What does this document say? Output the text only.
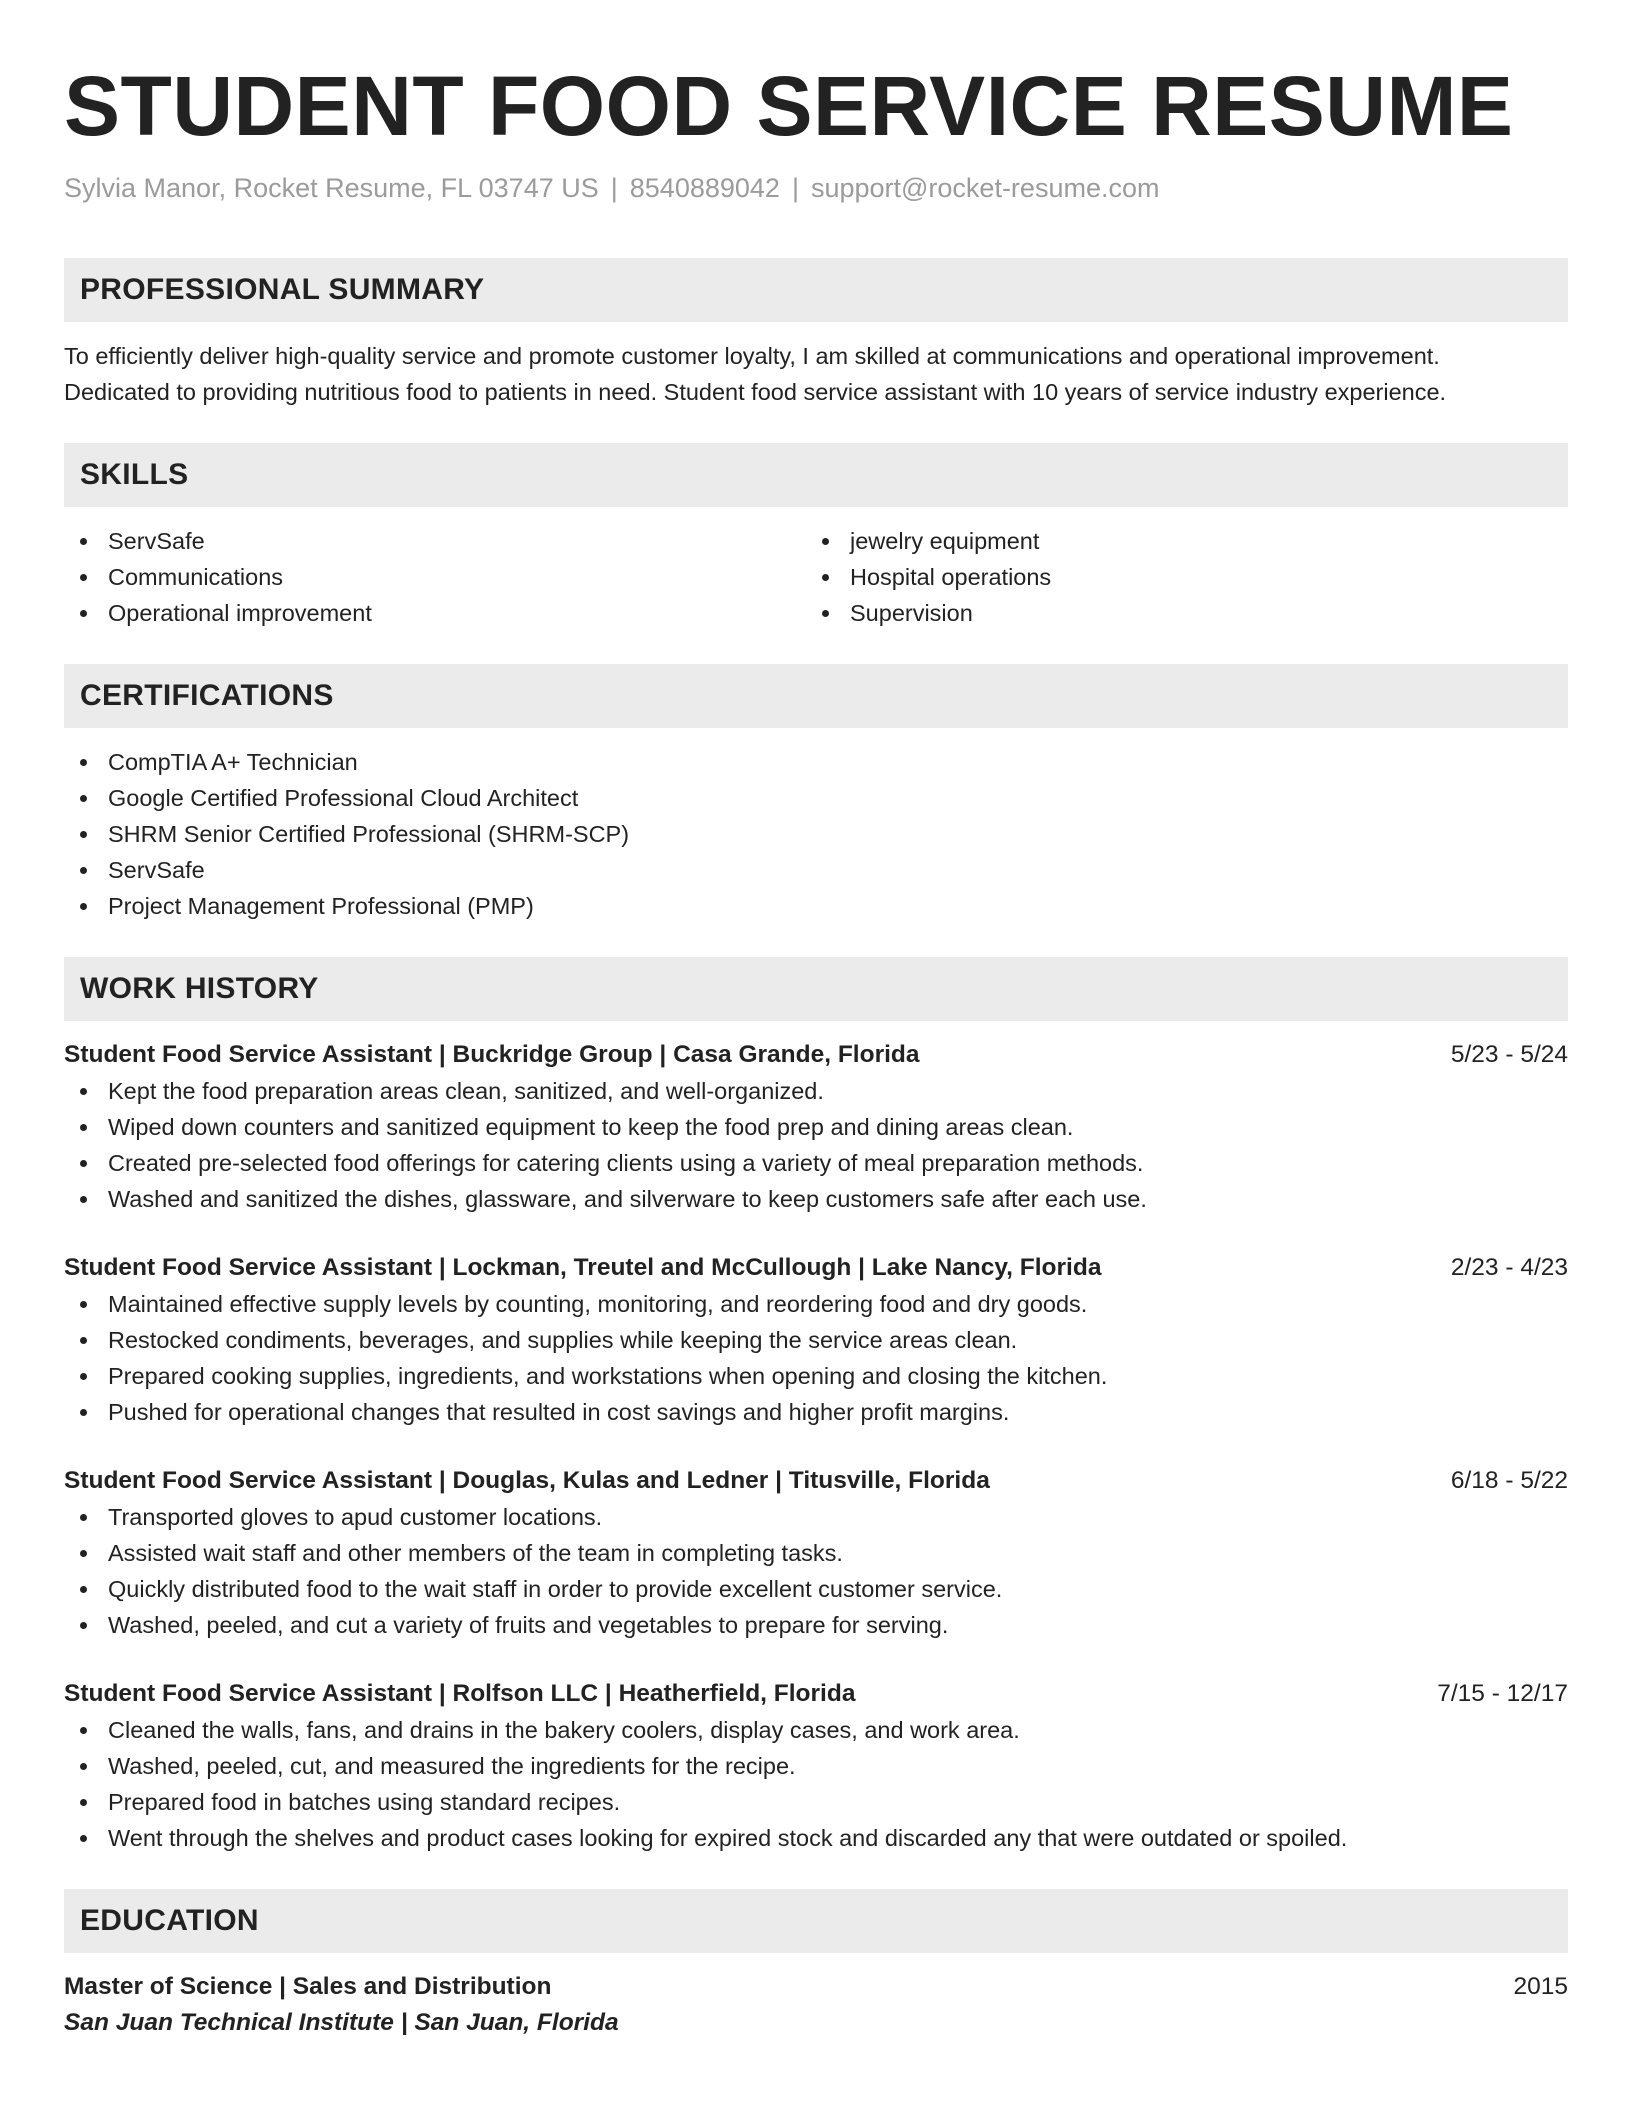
STUDENT FOOD SERVICE RESUME
Sylvia Manor, Rocket Resume, FL 03747 US | 8540889042 | support@rocket-resume.com
PROFESSIONAL SUMMARY
To efficiently deliver high-quality service and promote customer loyalty, I am skilled at communications and operational improvement.
Dedicated to providing nutritious food to patients in need. Student food service assistant with 10 years of service industry experience.
SKILLS
ServSafe
Communications
Operational improvement
jewelry equipment
Hospital operations
Supervision
CERTIFICATIONS
CompTIA A+ Technician
Google Certified Professional Cloud Architect
SHRM Senior Certified Professional (SHRM-SCP)
ServSafe
Project Management Professional (PMP)
WORK HISTORY
Student Food Service Assistant | Buckridge Group | Casa Grande, Florida	5/23 - 5/24
Kept the food preparation areas clean, sanitized, and well-organized.
Wiped down counters and sanitized equipment to keep the food prep and dining areas clean.
Created pre-selected food offerings for catering clients using a variety of meal preparation methods.
Washed and sanitized the dishes, glassware, and silverware to keep customers safe after each use.
Student Food Service Assistant | Lockman, Treutel and McCullough | Lake Nancy, Florida	2/23 - 4/23
Maintained effective supply levels by counting, monitoring, and reordering food and dry goods.
Restocked condiments, beverages, and supplies while keeping the service areas clean.
Prepared cooking supplies, ingredients, and workstations when opening and closing the kitchen.
Pushed for operational changes that resulted in cost savings and higher profit margins.
Student Food Service Assistant | Douglas, Kulas and Ledner | Titusville, Florida	6/18 - 5/22
Transported gloves to apud customer locations.
Assisted wait staff and other members of the team in completing tasks.
Quickly distributed food to the wait staff in order to provide excellent customer service.
Washed, peeled, and cut a variety of fruits and vegetables to prepare for serving.
Student Food Service Assistant | Rolfson LLC | Heatherfield, Florida	7/15 - 12/17
Cleaned the walls, fans, and drains in the bakery coolers, display cases, and work area.
Washed, peeled, cut, and measured the ingredients for the recipe.
Prepared food in batches using standard recipes.
Went through the shelves and product cases looking for expired stock and discarded any that were outdated or spoiled.
EDUCATION
Master of Science | Sales and Distribution	2015
San Juan Technical Institute | San Juan, Florida
